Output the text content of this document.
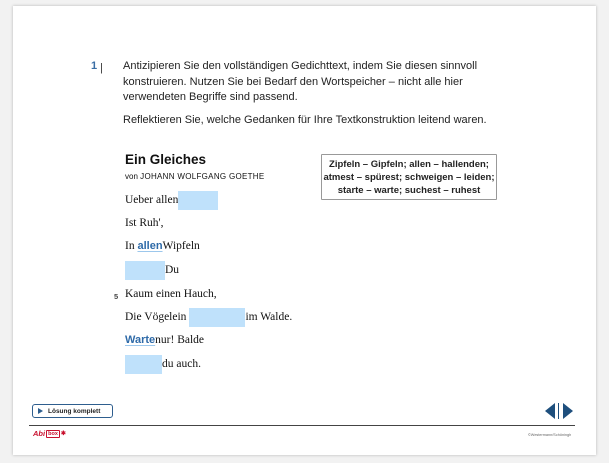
1 | Antizipieren Sie den vollständigen Gedichttext, indem Sie diesen sinnvoll konstruieren. Nutzen Sie bei Bedarf den Wortspeicher – nicht alle hier verwendeten Begriffe sind passend.

Reflektieren Sie, welche Gedanken für Ihre Textkonstruktion leitend waren.

Ein Gleiches
von JOHANN WOLFGANG GOETHE
Zipfeln – Gipfeln; allen – hallenden;
atmest – spürest; schweigen – leiden;
starte – warte; suchest – ruhest
Ueber allen
Ist Ruh',
In
allen Wipfeln
Du
5 Kaum einen Hauch,
Die Vögelein	im Walde.
Warte nur! Balde
du auch.
Lösung komplett
Abi box ✱	©Westermann/Schöningh
